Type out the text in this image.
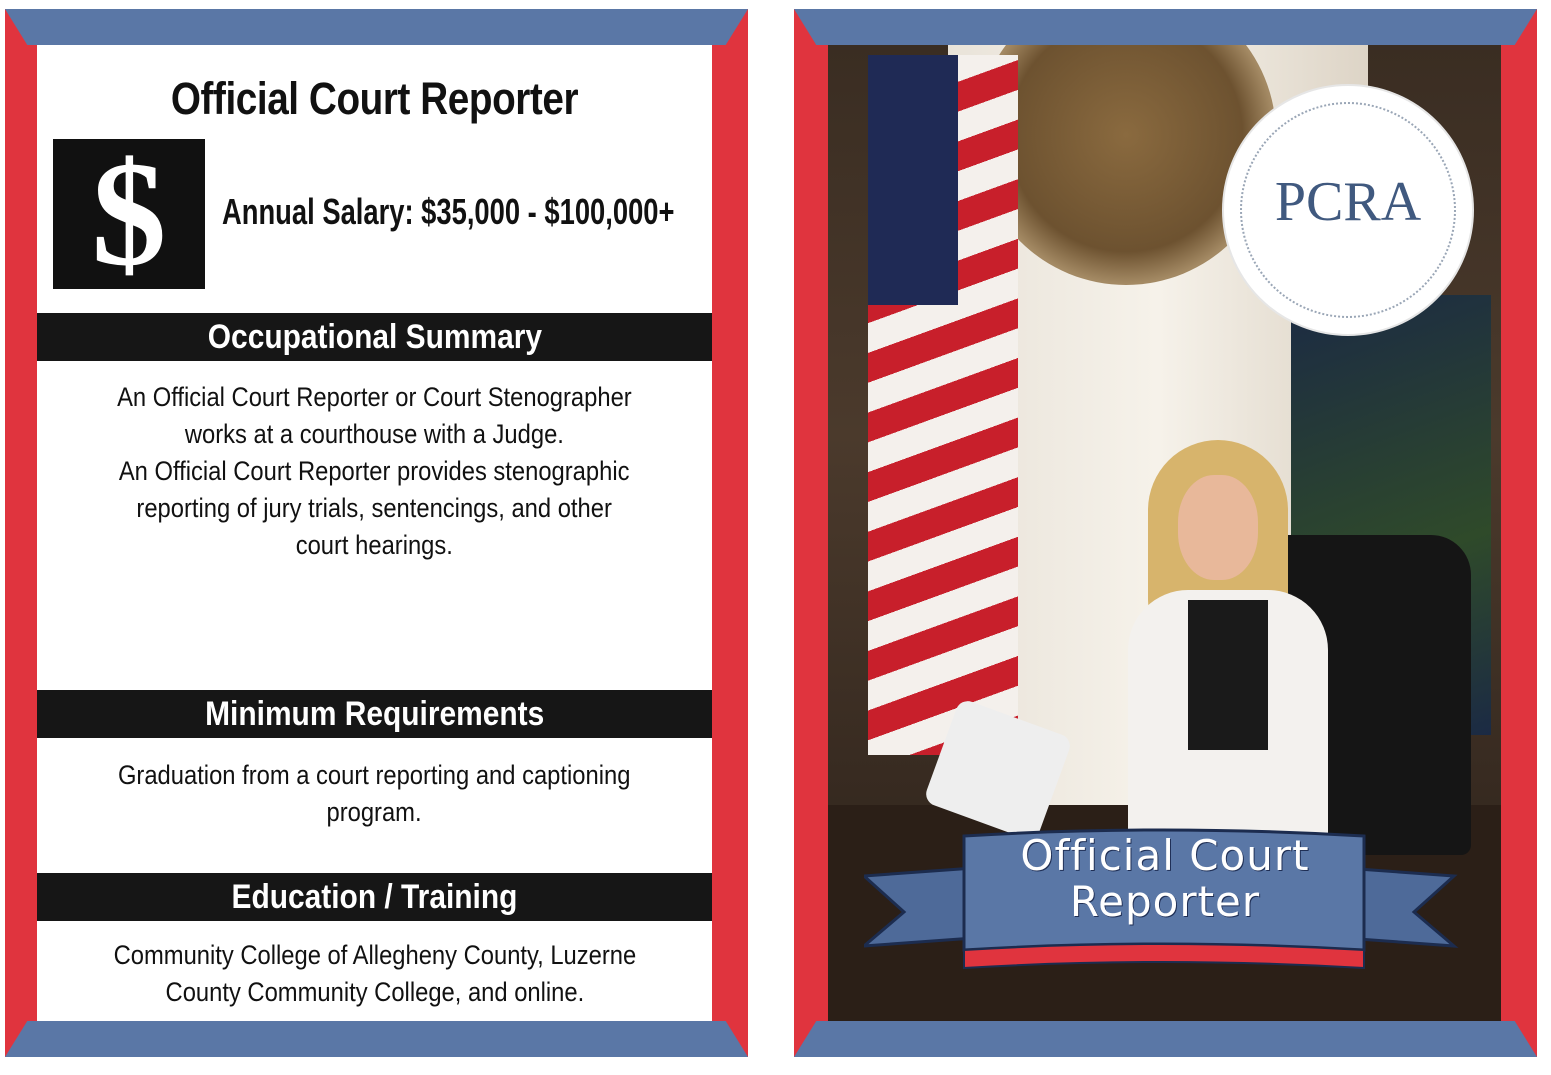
Official Court Reporter
$	Annual Salary: $35,000 - $100,000+
Occupational Summary

An Official Court Reporter or Court Stenographer

works at a courthouse with a Judge.

An Official Court Reporter provides stenographic

reporting of jury trials, sentencings, and other

court hearings.

Minimum Requirements

Graduation from a court reporting and captioning

program.

Education / Training

Community College of Allegheny County, Luzerne

County Community College, and online.

PCRA
Official Court
Reporter
